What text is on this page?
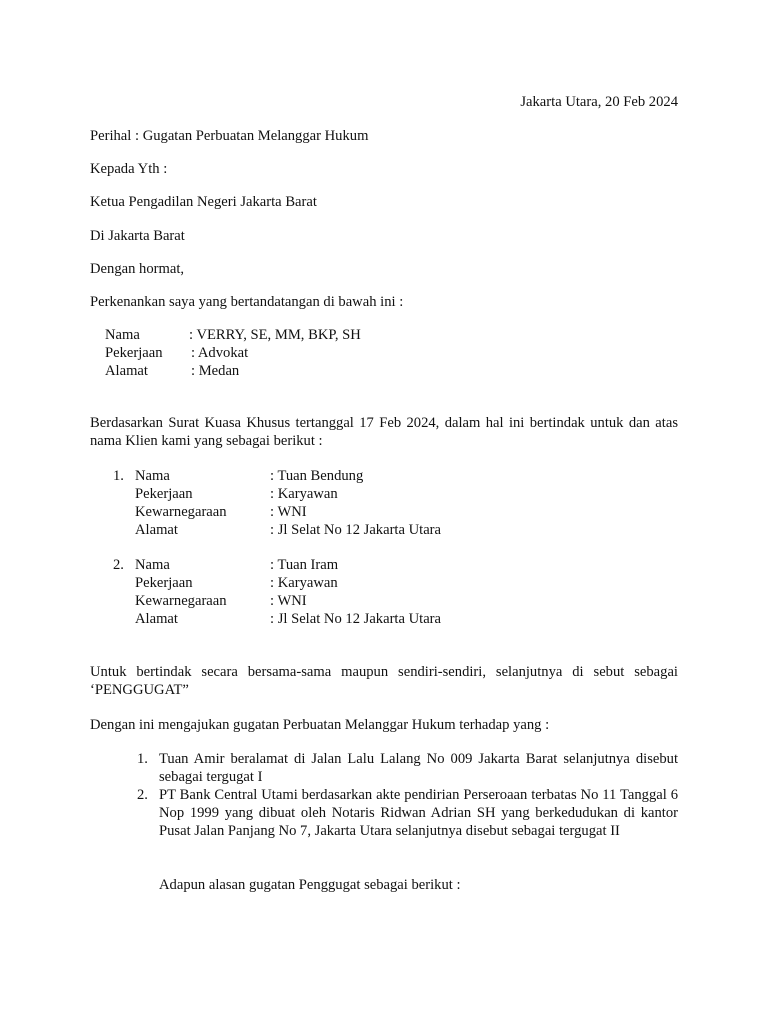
Jakarta Utara, 20 Feb 2024
Perihal : Gugatan Perbuatan Melanggar Hukum
Kepada Yth :
Ketua Pengadilan Negeri Jakarta Barat
Di Jakarta Barat
Dengan hormat,
Perkenankan saya yang bertandatangan di bawah ini :
Nama	: VERRY, SE, MM, BKP, SH
Pekerjaan : Advokat
Alamat	: Medan
Berdasarkan Surat Kuasa Khusus tertanggal 17 Feb 2024, dalam hal ini bertindak untuk dan atas nama Klien kami yang sebagai berikut :
1. Nama	: Tuan Bendung
Pekerjaan	: Karyawan
Kewarnegaraan	: WNI
Alamat	: Jl Selat No 12 Jakarta Utara
2. Nama	: Tuan Iram
Pekerjaan	: Karyawan
Kewarnegaraan	: WNI
Alamat	: Jl Selat No 12 Jakarta Utara
Untuk bertindak secara bersama-sama maupun sendiri-sendiri, selanjutnya di sebut sebagai ‘PENGGUGAT”
Dengan ini mengajukan gugatan Perbuatan Melanggar Hukum terhadap yang :
1. Tuan Amir beralamat di Jalan Lalu Lalang No 009 Jakarta Barat selanjutnya disebut sebagai tergugat I
2. PT Bank Central Utami berdasarkan akte pendirian Perseroaan terbatas No 11 Tanggal 6 Nop 1999 yang dibuat oleh Notaris Ridwan Adrian SH yang berkedudukan di kantor Pusat Jalan Panjang No 7, Jakarta Utara selanjutnya disebut sebagai tergugat II
Adapun alasan gugatan Penggugat sebagai berikut :
